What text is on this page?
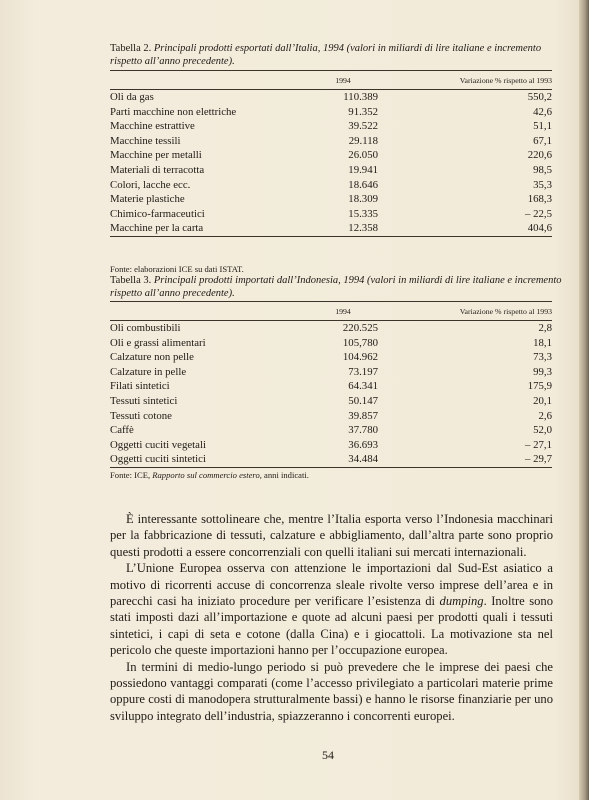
Tabella 2. Principali prodotti esportati dall’Italia, 1994 (valori in miliardi di lire italiane e incremento rispetto all’anno precedente).
	1994	Variazione % rispetto al 1993
Oli da gas	110.389	550,2
Parti macchine non elettriche	91.352	42,6
Macchine estrattive	39.522	51,1
Macchine tessili	29.118	67,1
Macchine per metalli	26.050	220,6
Materiali di terracotta	19.941	98,5
Colori, lacche ecc.	18.646	35,3
Materie plastiche	18.309	168,3
Chimico-farmaceutici	15.335	– 22,5
Macchine per la carta	12.358	404,6
Fonte: elaborazioni ICE su dati ISTAT.
Tabella 3. Principali prodotti importati dall’Indonesia, 1994 (valori in miliardi di lire italiane e incremento rispetto all’anno precedente).
	1994	Variazione % rispetto al 1993
Oli combustibili	220.525	2,8
Oli e grassi alimentari	105,780	18,1
Calzature non pelle	104.962	73,3
Calzature in pelle	73.197	99,3
Filati sintetici	64.341	175,9
Tessuti sintetici	50.147	20,1
Tessuti cotone	39.857	2,6
Caffè	37.780	52,0
Oggetti cuciti vegetali	36.693	– 27,1
Oggetti cuciti sintetici	34.484	– 29,7
Fonte: ICE, Rapporto sul commercio estero, anni indicati.

È interessante sottolineare che, mentre l’Italia esporta verso l’Indonesia macchinari per la fabbricazione di tessuti, calzature e abbigliamento, dall’altra parte sono proprio questi prodotti a essere concorrenziali con quelli italiani sui mercati internazionali.

L’Unione Europea osserva con attenzione le importazioni dal Sud-Est asiatico a motivo di ricorrenti accuse di concorrenza sleale rivolte verso imprese dell’area e in parecchi casi ha iniziato procedure per verificare l’esistenza di dumping. Inoltre sono stati imposti dazi all’importazione e quote ad alcuni paesi per prodotti quali i tessuti sintetici, i capi di seta e cotone (dalla Cina) e i giocattoli. La motivazione sta nel pericolo che queste importazioni hanno per l’occupazione europea.

In termini di medio-lungo periodo si può prevedere che le imprese dei paesi che possiedono vantaggi comparati (come l’accesso privilegiato a particolari materie prime oppure costi di manodopera strutturalmente bassi) e hanno le risorse finanziarie per uno sviluppo integrato dell’industria, spiazzeranno i concorrenti europei.

54
